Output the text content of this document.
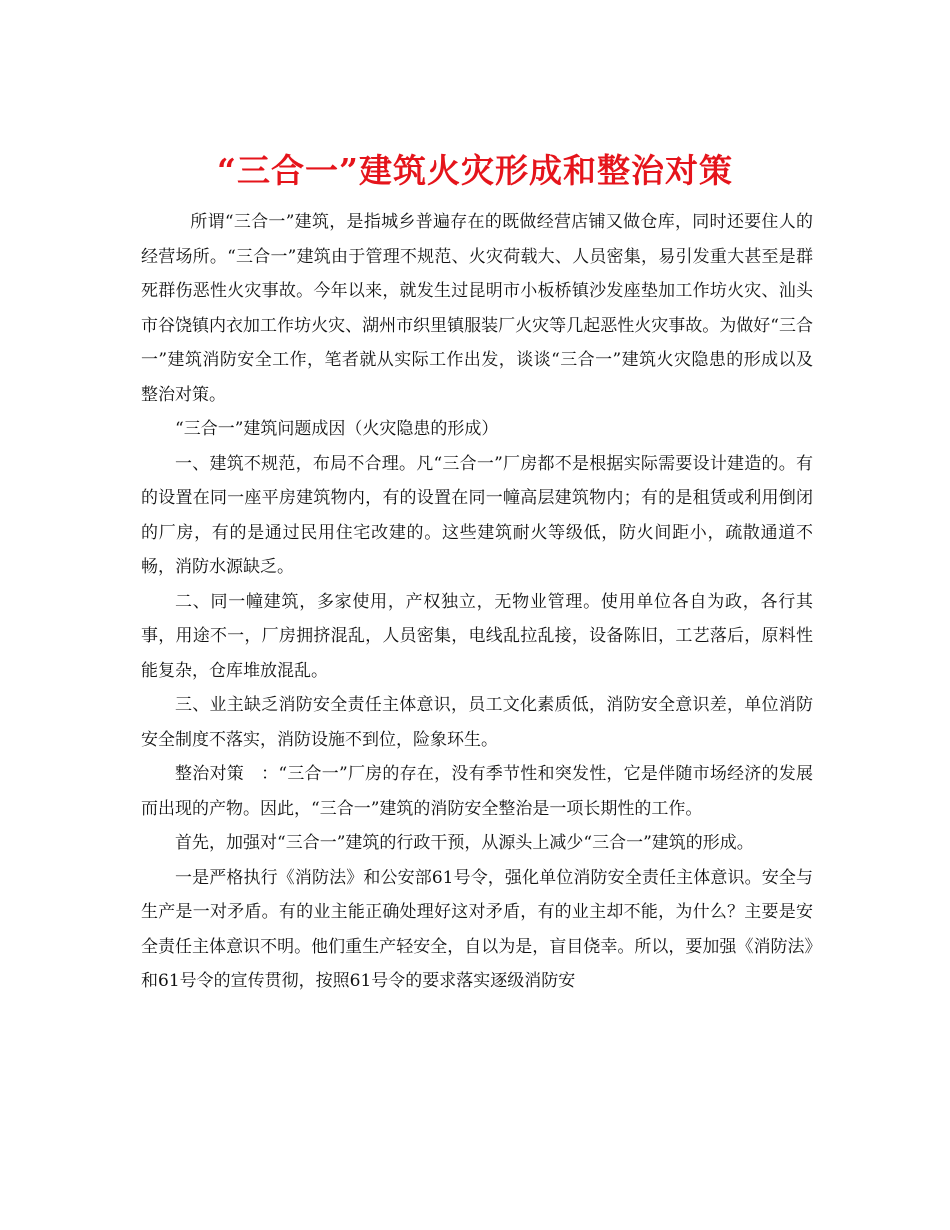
“三合一”建筑火灾形成和整治对策

所谓“三合一”建筑，是指城乡普遍存在的既做经营店铺又做仓库，同时还要住人的经营场所。“三合一”建筑由于管理不规范、火灾荷载大、人员密集，易引发重大甚至是群死群伤恶性火灾事故。今年以来，就发生过昆明市小板桥镇沙发座垫加工作坊火灾、汕头市谷饶镇内衣加工作坊火灾、湖州市织里镇服装厂火灾等几起恶性火灾事故。为做好“三合一”建筑消防安全工作，笔者就从实际工作出发，谈谈“三合一”建筑火灾隐患的形成以及整治对策。

“三合一”建筑问题成因（火灾隐患的形成）

一、建筑不规范，布局不合理。凡“三合一”厂房都不是根据实际需要设计建造的。有的设置在同一座平房建筑物内，有的设置在同一幢高层建筑物内；有的是租赁或利用倒闭的厂房，有的是通过民用住宅改建的。这些建筑耐火等级低，防火间距小，疏散通道不畅，消防水源缺乏。

二、同一幢建筑，多家使用，产权独立，无物业管理。使用单位各自为政，各行其事，用途不一，厂房拥挤混乱，人员密集，电线乱拉乱接，设备陈旧，工艺落后，原料性能复杂，仓库堆放混乱。

三、业主缺乏消防安全责任主体意识，员工文化素质低，消防安全意识差，单位消防安全制度不落实，消防设施不到位，险象环生。

整治对策　：“三合一”厂房的存在，没有季节性和突发性，它是伴随市场经济的发展而出现的产物。因此，“三合一”建筑的消防安全整治是一项长期性的工作。

首先，加强对“三合一”建筑的行政干预，从源头上减少“三合一”建筑的形成。

一是严格执行《消防法》和公安部61号令，强化单位消防安全责任主体意识。安全与生产是一对矛盾。有的业主能正确处理好这对矛盾，有的业主却不能，为什么？主要是安全责任主体意识不明。他们重生产轻安全，自以为是，盲目侥幸。所以，要加强《消防法》和61号令的宣传贯彻，按照61号令的要求落实逐级消防安
